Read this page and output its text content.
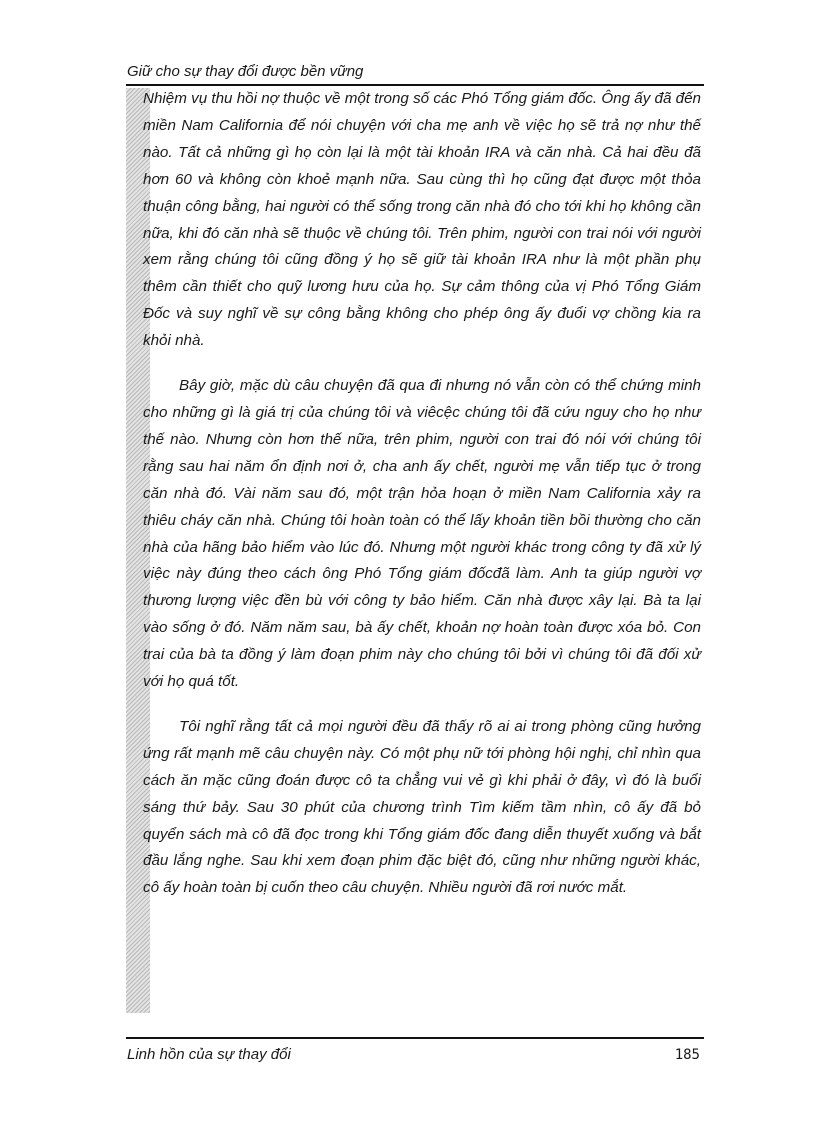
Giữ cho sự thay đổi được bền vững

Nhiệm vụ thu hồi nợ thuộc về một trong số các Phó Tổng giám đốc. Ông ấy đã đến miền Nam California để nói chuyện với cha mẹ anh về việc họ sẽ trả nợ như thế nào. Tất cả những gì họ còn lại là một tài khoản IRA và căn nhà. Cả hai đều đã hơn 60 và không còn khoẻ mạnh nữa. Sau cùng thì họ cũng đạt được một thỏa thuận công bằng, hai người có thể sống trong căn nhà đó cho tới khi họ không cần nữa, khi đó căn nhà sẽ thuộc về chúng tôi. Trên phim, người con trai nói với người xem rằng chúng tôi cũng đồng ý họ sẽ giữ tài khoản IRA như là một phần phụ thêm cần thiết cho quỹ lương hưu của họ. Sự cảm thông của vị Phó Tổng Giám Đốc và suy nghĩ về sự công bằng không cho phép ông ấy đuổi vợ chồng kia ra khỏi nhà.

Bây giờ, mặc dù câu chuyện đã qua đi nhưng nó vẫn còn có thể chứng minh cho những gì là giá trị của chúng tôi và viêcệc chúng tôi đã cứu nguy cho họ như thế nào. Nhưng còn hơn thế nữa, trên phim, người con trai đó nói với chúng tôi rằng sau hai năm ổn định nơi ở, cha anh ấy chết, người mẹ vẫn tiếp tục ở trong căn nhà đó. Vài năm sau đó, một trận hỏa hoạn ở miền Nam California xảy ra thiêu cháy căn nhà. Chúng tôi hoàn toàn có thể lấy khoản tiền bồi thường cho căn nhà của hãng bảo hiểm vào lúc đó. Nhưng một người khác trong công ty đã xử lý việc này đúng theo cách ông Phó Tổng giám đốcđã làm. Anh ta giúp người vợ thương lượng việc đền bù với công ty bảo hiểm. Căn nhà được xây lại. Bà ta lại vào sống ở đó. Năm năm sau, bà ấy chết, khoản nợ hoàn toàn được xóa bỏ. Con trai của bà ta đồng ý làm đoạn phim này cho chúng tôi bởi vì chúng tôi đã đối xử với họ quá tốt.

Tôi nghĩ rằng tất cả mọi người đều đã thấy rõ ai ai trong phòng cũng hưởng ứng rất mạnh mẽ câu chuyện này. Có một phụ nữ tới phòng hội nghị, chỉ nhìn qua cách ăn mặc cũng đoán được cô ta chẳng vui vẻ gì khi phải ở đây, vì đó là buổi sáng thứ bảy. Sau 30 phút của chương trình Tìm kiếm tầm nhìn, cô ấy đã bỏ quyển sách mà cô đã đọc trong khi Tổng giám đốc đang diễn thuyết xuống và bắt đầu lắng nghe. Sau khi xem đoạn phim đặc biệt đó, cũng như những người khác, cô ấy hoàn toàn bị cuốn theo câu chuyện. Nhiều người đã rơi nước mắt.

Linh hồn của sự thay đổi	185
